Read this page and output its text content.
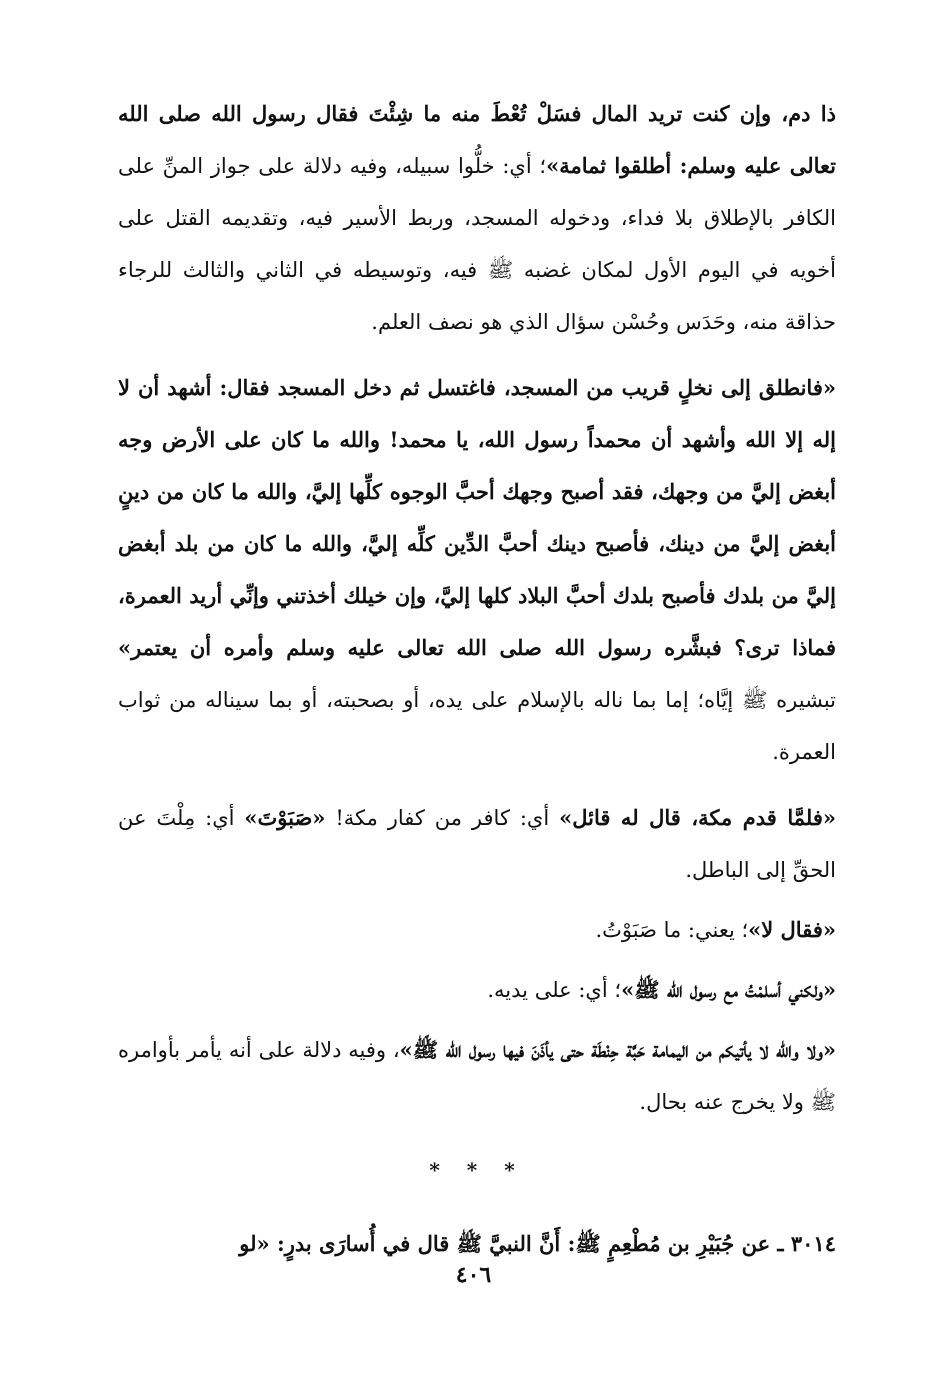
ذا دم، وإن كنت تريد المال فسَلْ تُعْطَ منه ما شِئْتَ فقال رسول الله صلى الله تعالى عليه وسلم: أطلقوا ثمامة»؛ أي: خلُّوا سبيله، وفيه دلالة على جواز المنِّ على الكافر بالإطلاق بلا فداء، ودخوله المسجد، وربط الأسير فيه، وتقديمه القتل على أخويه في اليوم الأول لمكان غضبه ﷺ فيه، وتوسيطه في الثاني والثالث للرجاء حذاقة منه، وحَدَس وحُسْن سؤال الذي هو نصف العلم.

«فانطلق إلى نخلٍ قريب من المسجد، فاغتسل ثم دخل المسجد فقال: أشهد أن لا إله إلا الله وأشهد أن محمداً رسول الله، يا محمد! والله ما كان على الأرض وجه أبغض إليَّ من وجهك، فقد أصبح وجهك أحبَّ الوجوه كلِّها إليَّ، والله ما كان من دينٍ أبغض إليَّ من دينك، فأصبح دينك أحبَّ الدِّين كلِّه إليَّ، والله ما كان من بلد أبغض إليَّ من بلدك فأصبح بلدك أحبَّ البلاد كلها إليَّ، وإن خيلك أخذتني وإنِّي أريد العمرة، فماذا ترى؟ فبشَّره رسول الله صلى الله تعالى عليه وسلم وأمره أن يعتمر» تبشيره ﷺ إيَّاه؛ إما بما ناله بالإسلام على يده، أو بصحبته، أو بما سيناله من ثواب العمرة.

«فلمَّا قدم مكة، قال له قائل» أي: كافر من كفار مكة! «صَبَوْتَ» أي: مِلْتَ عن الحقِّ إلى الباطل.

«فقال لا»؛ يعني: ما صَبَوْتُ.

«ولكني أسلمْتُ مع رسول الله ﷺ»؛ أي: على يديه.

«ولا والله لا يأتيكم من اليمامة حَبَّة حِنْطَة حتى يأذَنَ فيها رسول الله ﷺ»، وفيه دلالة على أنه يأمر بأوامره ﷺ ولا يخرج عنه بحال.

* * *

٣٠١٤ ـ عن جُبَيْرِ بن مُطْعِمٍ ﷺ: أَنَّ النبيَّ ﷺ قال في أُسارَى بدرٍ: «لو

٤٠٦
